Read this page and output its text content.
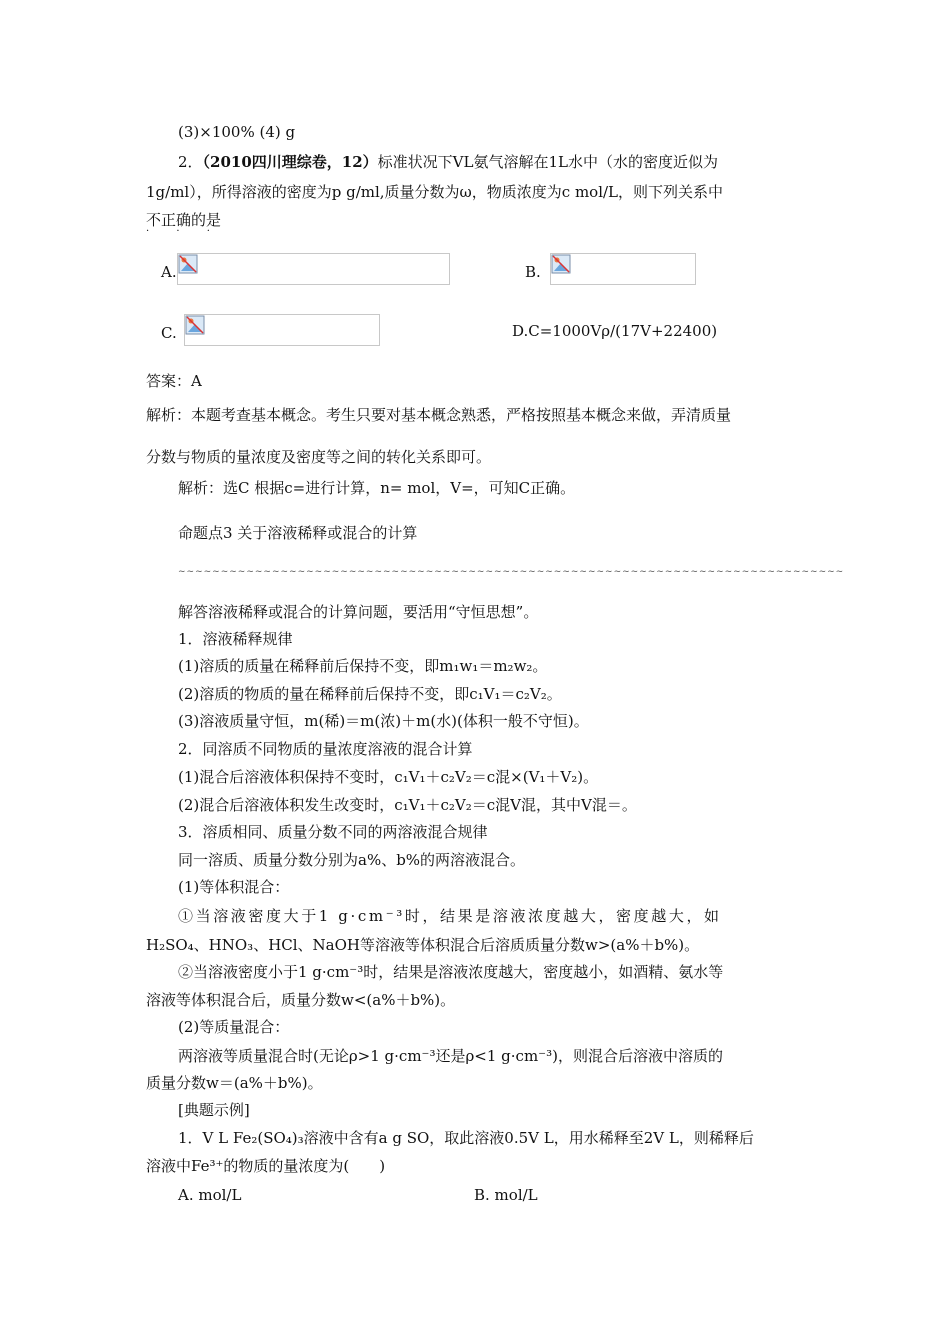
(3)×100% (4) g
2．（2010四川理综卷，12）标准状况下VL氨气溶解在1L水中（水的密度近似为
1g/ml），所得溶液的密度为p g/ml,质量分数为ω，物质浓度为c mol/L，则下列关系中
不正确的是
· · ·
A.	B.
C.	D.C=1000Vρ/(17V+22400)
答案：A
解析：本题考查基本概念。考生只要对基本概念熟悉，严格按照基本概念来做，弄清质量
分数与物质的量浓度及密度等之间的转化关系即可。
解析：选C 根据c=进行计算，n= mol，V=，可知C正确。
命题点3 关于溶液稀释或混合的计算
~~~~~~~~~~~~~~~~~~~~~~~~~~~~~~~~~~~~~~~~~~~~~~~~~~~~~~~~~~~~~~~~~~~~~~~~~~~~~~
解答溶液稀释或混合的计算问题，要活用“守恒思想”。
1．溶液稀释规律
(1)溶质的质量在稀释前后保持不变，即m₁w₁＝m₂w₂。
(2)溶质的物质的量在稀释前后保持不变，即c₁V₁＝c₂V₂。
(3)溶液质量守恒，m(稀)＝m(浓)＋m(水)(体积一般不守恒)。
2．同溶质不同物质的量浓度溶液的混合计算
(1)混合后溶液体积保持不变时，c₁V₁＋c₂V₂＝c混×(V₁＋V₂)。
(2)混合后溶液体积发生改变时，c₁V₁＋c₂V₂＝c混V混，其中V混＝。
3．溶质相同、质量分数不同的两溶液混合规律
同一溶质、质量分数分别为a%、b%的两溶液混合。
(1)等体积混合：
①当溶液密度大于1 g·cm⁻³时，结果是溶液浓度越大，密度越大，如
H₂SO₄、HNO₃、HCl、NaOH等溶液等体积混合后溶质质量分数w>(a%＋b%)。
②当溶液密度小于1 g·cm⁻³时，结果是溶液浓度越大，密度越小，如酒精、氨水等
溶液等体积混合后，质量分数w<(a%＋b%)。
(2)等质量混合：
两溶液等质量混合时(无论ρ>1 g·cm⁻³还是ρ<1 g·cm⁻³)，则混合后溶液中溶质的
质量分数w＝(a%＋b%)。
[典题示例]
1．V L Fe₂(SO₄)₃溶液中含有a g SO，取此溶液0.5V L，用水稀释至2V L，则稀释后
溶液中Fe³⁺的物质的量浓度为(　　)
A. mol/L	B. mol/L
